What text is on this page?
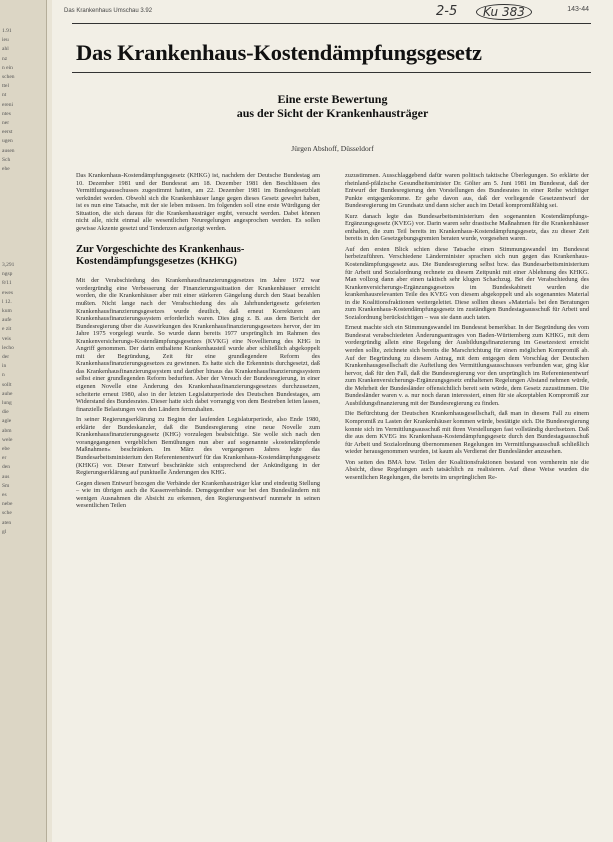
1.91
ieu
ahl
nz
n ein
schen
ttel
nt
ereni
ntes
ner
eerst
ugen
ausen
Sch
ehe
3,291
ngsp
8/11
ewes
l 12.
kum
aufe
e zit
veis
lecho
der
in
n
sollt
auhe
lung
die
agle
abm
wele
ebe
er
den
aus
Sm
es
nebe
sche
aten
gl
Das Krankenhaus Umschau 3.92	2-5	Ku 383	143-44
Das Krankenhaus-Kostendämpfungsgesetz
Eine erste Bewertung
aus der Sicht der Krankenhausträger
Jürgen Abshoff, Düsseldorf

Das Krankenhaus-Kostendämpfungsgesetz (KHKG) ist, nachdem der Deutsche Bundestag am 10. Dezember 1981 und der Bundesrat am 18. Dezember 1981 den Beschlüssen des Vermittlungsausschusses zugestimmt hatten, am 22. Dezember 1981 im Bundesgesetzblatt verkündet worden. Obwohl sich die Krankenhäuser lange gegen dieses Gesetz gewehrt haben, ist es nun eine Tatsache, mit der sie leben müssen. Im folgenden soll eine erste Würdigung der Situation, die sich daraus für die Krankenhausträger ergibt, versucht werden. Dabei können nicht alle, nicht einmal alle wesentlichen Neuregelungen angesprochen werden. Es sollen gewisse Akzente gesetzt und Tendenzen aufgezeigt werden.

Zur Vorgeschichte des Krankenhaus-
Kostendämpfungsgesetzes (KHKG)

Mit der Verabschiedung des Krankenhausfinanzierungsgesetzes im Jahre 1972 war vordergründig eine Verbesserung der Finanzierungssituation der Krankenhäuser erreicht worden, die die Krankenhäuser aber mit einer stärkeren Gängelung durch den Staat bezahlen mußten. Nicht lange nach der Verabschiedung des als Jahrhundertgesetz gefeierten Krankenhausfinanzierungsgesetzes wurde deutlich, daß erneut Korrekturen am Krankenhausfinanzierungssystem erforderlich waren. Dies ging z. B. aus dem Bericht der Bundesregierung über die Auswirkungen des Krankenhausfinanzierungsgesetzes hervor, der im Jahre 1975 vorgelegt wurde. So wurde dann bereits 1977 ursprünglich im Rahmen des Krankenversicherungs-Kostendämpfungsgesetzes (KVKG) eine Novellierung des KHG in Angriff genommen. Der darin enthaltene Krankenhausteil wurde aber schließlich abgekoppelt mit der Begründung, Zeit für eine grundlegendere Reform des Krankenhausfinanzierungsgesetzes zu gewinnen. Es hatte sich die Erkenntnis durchgesetzt, daß das Krankenhausfinanzierungssystem und darüber hinaus das Krankenhausfinanzierungssystem selbst einer grundlegenden Reform bedurften. Aber der Versuch der Bundesregierung, in einer eigenen Novelle eine Änderung des Krankenhausfinanzierungsgesetzes durchzusetzen, scheiterte erneut 1980, also in der letzten Legislaturperiode des Deutschen Bundestages, am Widerstand des Bundesrates. Dieser hatte sich dabei vorrangig von dem Bestreben leiten lassen, finanzielle Belastungen von den Ländern fernzuhalten.

In seiner Regierungserklärung zu Beginn der laufenden Legislaturperiode, also Ende 1980, erklärte der Bundeskanzler, daß die Bundesregierung eine neue Novelle zum Krankenhausfinanzierungsgesetz (KHG) vorzulegen beabsichtige. Sie wolle sich nach den vorangegangenen vergeblichen Bemühungen nun aber auf sogenannte »kostendämpfende Maßnahmen« beschränken. Im März des vergangenen Jahres legte das Bundesarbeitsministerium den Referentenentwurf für das Krankenhaus-Kostendämpfungsgesetz (KHKG) vor. Dieser Entwurf beschränkte sich entsprechend der Ankündigung in der Regierungserklärung auf punktuelle Änderungen des KHG.

Gegen diesen Entwurf bezogen die Verbände der Krankenhausträger klar und eindeutig Stellung – wie im übrigen auch die Kassenverbände. Demgegenüber war bei den Bundesländern mit wenigen Ausnahmen die Absicht zu erkennen, den Regierungsentwurf nunmehr in seinen wesentlichen Teilen

zuzustimmen. Ausschlaggebend dafür waren politisch taktische Überlegungen. So erklärte der rheinland-pfälzische Gesundheitsminister Dr. Gölter am 5. Juni 1981 im Bundesrat, daß der Entwurf der Bundesregierung den Vorstellungen des Bundesrates in einer Reihe wichtiger Punkte entgegenkomme. Er gehe davon aus, daß der vorliegende Gesetzentwurf der Bundesregierung im Grundsatz und dann sicher auch im Detail kompromißfähig sei.

Kurz danach legte das Bundesarbeitsministerium den sogenannten Kostendämpfungs-Ergänzungsgesetz (KVEG) vor. Darin waren sehr drastische Maßnahmen für die Krankenhäuser enthalten, die zum Teil bereits im Krankenhaus-Kostendämpfungsgesetz, das zu dieser Zeit bereits in den Gesetzgebungsgremien beraten wurde, vorgesehen waren.

Auf den ersten Blick schien diese Tatsache einen Stimmungswandel im Bundesrat herbeizuführen. Verschiedene Länderminister sprachen sich nun gegen das Krankenhaus-Kostendämpfungsgesetz aus. Die Bundesregierung selbst bzw. das Bundesarbeitsministerium für Arbeit und Sozialordnung rechnete zu diesem Zeitpunkt mit einer Ablehnung des KHKG. Man vollzog dann aber einen taktisch sehr klugen Schachzug. Bei der Verabschiedung des Krankenversicherungs-Ergänzungsgesetzes im Bundeskabinett wurden die krankenhausrelevanten Teile des KVEG von diesem abgekoppelt und als sogenanntes Material in die Koalitionsfraktionen weitergeleitet. Diese sollten dieses »Material« bei den Beratungen zum Krankenhaus-Kostendämpfungsgesetz im zuständigen Bundestagsausschuß für Arbeit und Sozialordnung berücksichtigen – was sie dann auch taten.

Erneut machte sich ein Stimmungswandel im Bundesrat bemerkbar. In der Begründung des vom Bundesrat verabschiedeten Änderungsantrages von Baden-Württemberg zum KHKG, mit dem vordergründig allein eine Regelung der Ausbildungsfinanzierung im Gesetzestext erreicht werden sollte, zeichnete sich bereits die Marschrichtung für einen möglichen Kompromiß ab. Auf der Begründung zu diesem Antrag, mit dem entgegen dem Vorschlag der Deutschen Krankenhausgesellschaft die Aufteilung des Vermittlungsausschusses verbunden war, ging klar hervor, daß für den Fall, daß die Bundesregierung vor den ursprünglich im Referentenentwurf zum Krankenversicherungs-Ergänzungsgesetz enthaltenen Regelungen Abstand nehmen würde, die Mehrheit der Bundesländer offensichtlich bereit sein würde, dem Gesetz zuzustimmen. Die Bundesländer waren v. a. nur noch daran interessiert, einen für sie akzeptablen Kompromiß zur Ausbildungsfinanzierung mit der Bundesregierung zu finden.

Die Befürchtung der Deutschen Krankenhausgesellschaft, daß man in diesem Fall zu einem Kompromiß zu Lasten der Krankenhäuser kommen würde, bestätigte sich. Die Bundesregierung konnte sich im Vermittlungsausschuß mit ihren Vorstellungen fast vollständig durchsetzen. Daß die aus dem KVEG ins Krankenhaus-Kostendämpfungsgesetz durch den Bundestagsausschuß für Arbeit und Sozialordnung übernommenen Regelungen im Vermittlungsausschuß schließlich wieder herausgenommen wurden, ist kaum als Verdienst der Bundesländer anzusehen.

Von seiten des BMA bzw. Teilen der Koalitionsfraktionen bestand von vornherein nie die Absicht, diese Regelungen auch tatsächlich zu realisieren. Auf diese Weise wurden die wesentlichen Regelungen, die bereits im ursprünglichen Re-
